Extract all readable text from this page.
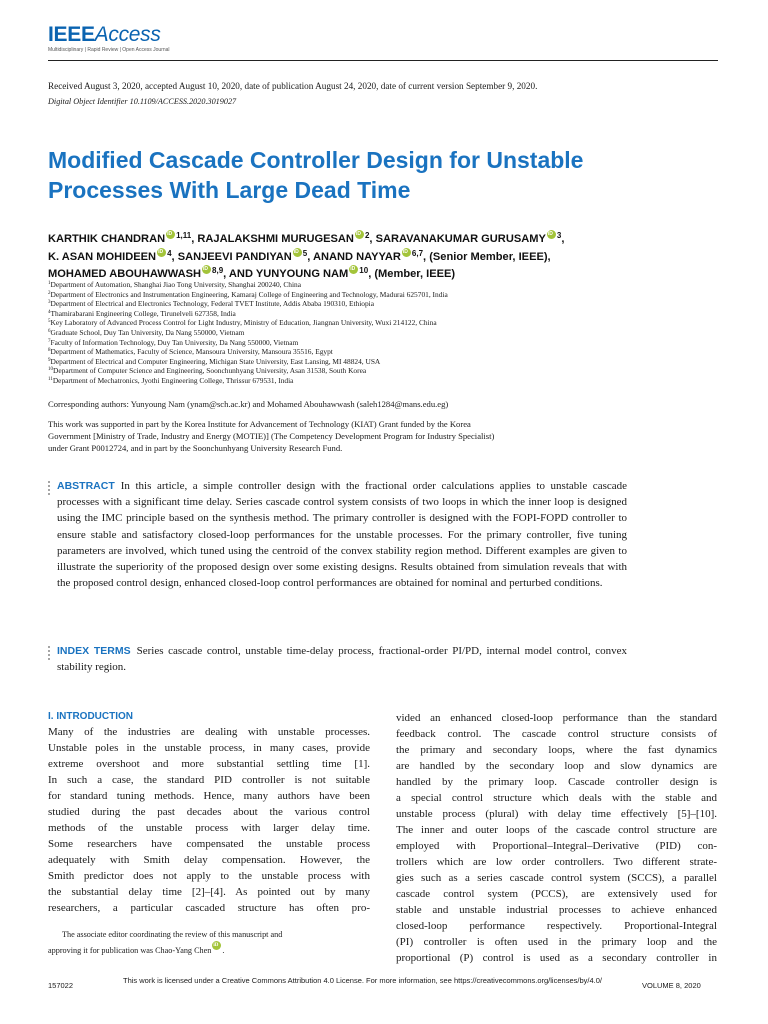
IEEEAccess
Multidisciplinary | Rapid Review | Open Access Journal
Received August 3, 2020, accepted August 10, 2020, date of publication August 24, 2020, date of current version September 9, 2020.
Digital Object Identifier 10.1109/ACCESS.2020.3019027
Modified Cascade Controller Design for Unstable
Processes With Large Dead Time
KARTHIK CHANDRAN iD $^{1,11}$, RAJALAKSHMI MURUGESAN iD $^2$, SARAVANAKUMAR GURUSAMY iD $^3$,
K. ASAN MOHIDEEN iD $^4$, SANJEEVI PANDIYAN iD $^5$, ANAND NAYYAR iD $^{6,7}$, (Senior Member, IEEE),
MOHAMED ABOUHAWWASH iD $^{8,9}$, AND YUNYOUNG NAM iD $^{10}$, (Member, IEEE)
$^1$Department of Automation, Shanghai Jiao Tong University, Shanghai 200240, China
$^2$Department of Electronics and Instrumentation Engineering, Kamaraj College of Engineering and Technology, Madurai 625701, India
$^3$Department of Electrical and Electronics Technology, Federal TVET Institute, Addis Ababa 190310, Ethiopia
$^4$Thamirabarani Engineering College, Tirunelveli 627358, India
$^5$Key Laboratory of Advanced Process Control for Light Industry, Ministry of Education, Jiangnan University, Wuxi 214122, China
$^6$Graduate School, Duy Tan University, Da Nang 550000, Vietnam
$^7$Faculty of Information Technology, Duy Tan University, Da Nang 550000, Vietnam
$^8$Department of Mathematics, Faculty of Science, Mansoura University, Mansoura 35516, Egypt
$^9$Department of Electrical and Computer Engineering, Michigan State University, East Lansing, MI 48824, USA
$^{10}$Department of Computer Science and Engineering, Soonchunhyang University, Asan 31538, South Korea
$^{11}$Department of Mechatronics, Jyothi Engineering College, Thrissur 679531, India
Corresponding authors: Yunyoung Nam (ynam@sch.ac.kr) and Mohamed Abouhawwash (saleh1284@mans.edu.eg)
This work was supported in part by the Korea Institute for Advancement of Technology (KIAT) Grant funded by the Korea
Government [Ministry of Trade, Industry and Energy (MOTIE)] (The Competency Development Program for Industry Specialist)
under Grant P0012724, and in part by the Soonchunhyang University Research Fund.
ABSTRACT In this article, a simple controller design with the fractional order calculations applies to unstable cascade processes with a significant time delay. Series cascade control system consists of two loops in which the inner loop is designed using the IMC principle based on the synthesis method. The primary controller is designed with the FOPI-FOPD controller to ensure stable and satisfactory closed-loop performances for the unstable processes. For the primary controller, five tuning parameters are involved, which tuned using the centroid of the convex stability region method. Different examples are given to illustrate the superiority of the proposed design over some existing designs. Results obtained from simulation reveals that with the proposed control design, enhanced closed-loop control performances are obtained for nominal and perturbed conditions.
INDEX TERMS Series cascade control, unstable time-delay process, fractional-order PI/PD, internal model control, convex stability region.
I. INTRODUCTION
Many of the industries are dealing with unstable processes.
Unstable poles in the unstable process, in many cases, provide
extreme overshoot and more substantial settling time [1].
In such a case, the standard PID controller is not suitable
for standard tuning methods. Hence, many authors have been
studied during the past decades about the various control
methods of the unstable process with larger delay time.
Some researchers have compensated the unstable process
adequately with Smith delay compensation. However, the
Smith predictor does not apply to the unstable process with
the substantial delay time [2]–[4]. As pointed out by many
researchers, a particular cascaded structure has often pro-
The associate editor coordinating the review of this manuscript and
approving it for publication was Chao-Yang CheniD .
vided an enhanced closed-loop performance than the standard
feedback control. The cascade control structure consists of
the primary and secondary loops, where the fast dynamics
are handled by the secondary loop and slow dynamics are
handled by the primary loop. Cascade controller design is
a special control structure which deals with the stable and
unstable process (plural) with delay time effectively [5]–[10].
The inner and outer loops of the cascade control structure are
employed with Proportional–Integral–Derivative (PID) con-
trollers which are low order controllers. Two different strate-
gies such as a series cascade control system (SCCS), a parallel
cascade control system (PCCS), are extensively used for
stable and unstable industrial processes to achieve enhanced
closed-loop performance respectively. Proportional-Integral
(PI) controller is often used in the primary loop and the
proportional (P) control is used as a secondary controller in
157022
This work is licensed under a Creative Commons Attribution 4.0 License. For more information, see https://creativecommons.org/licenses/by/4.0/
VOLUME 8, 2020
